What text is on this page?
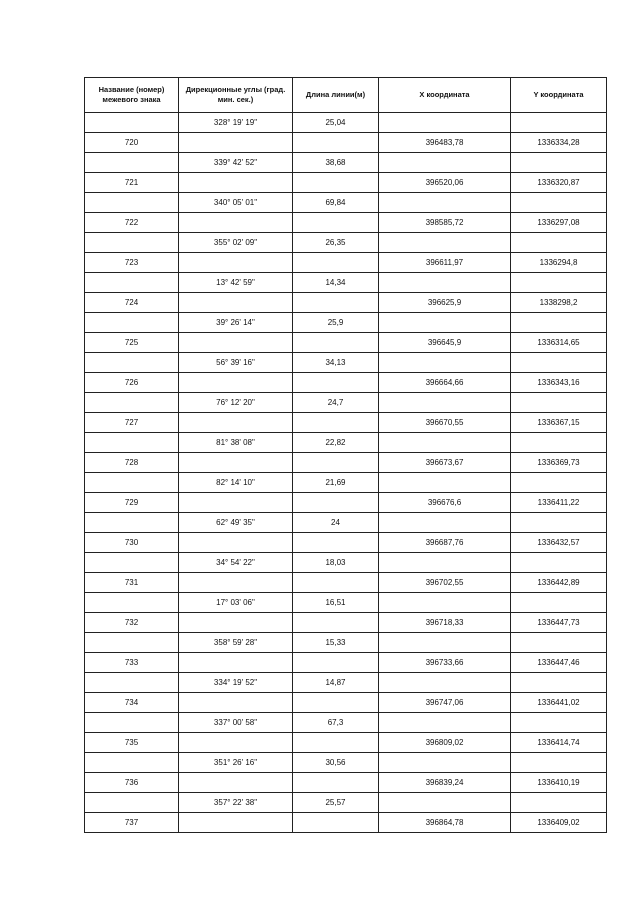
Название (номер) межевого знака	Дирекционные углы (град. мин. сек.)	Длина линии(м)	X координата	Y координата
	328° 19' 19"	25,04		
720			396483,78	1336334,28
	339° 42' 52"	38,68		
721			396520,06	1336320,87
	340° 05' 01"	69,84		
722			398585,72	1336297,08
	355° 02' 09"	26,35		
723			396611,97	1336294,8
	13° 42' 59"	14,34		
724			396625,9	1338298,2
	39° 26' 14"	25,9		
725			396645,9	1336314,65
	56° 39' 16"	34,13		
726			396664,66	1336343,16
	76° 12' 20"	24,7		
727			396670,55	1336367,15
	81° 38' 08"	22,82		
728			396673,67	1336369,73
	82° 14' 10"	21,69		
729			396676,6	1336411,22
	62° 49' 35"	24		
730			396687,76	1336432,57
	34° 54' 22"	18,03		
731			396702,55	1336442,89
	17° 03' 06"	16,51		
732			396718,33	1336447,73
	358° 59' 28"	15,33		
733			396733,66	1336447,46
	334° 19' 52"	14,87		
734			396747,06	1336441,02
	337° 00' 58"	67,3		
735			396809,02	1336414,74
	351° 26' 16"	30,56		
736			396839,24	1336410,19
	357° 22' 38"	25,57		
737			396864,78	1336409,02
